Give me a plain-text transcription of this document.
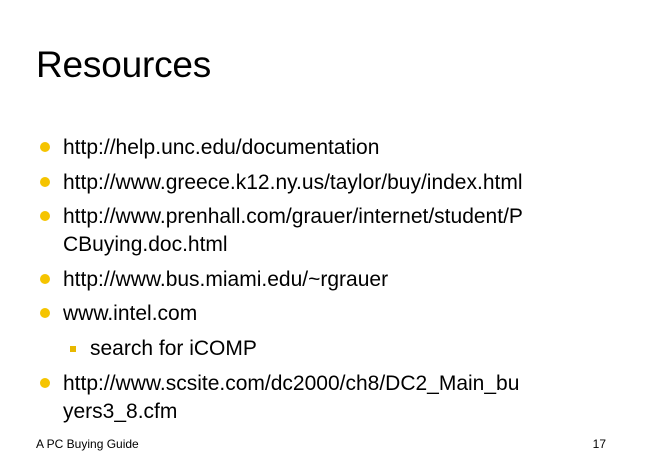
Resources
http://help.unc.edu/documentation
http://www.greece.k12.ny.us/taylor/buy/index.html
http://www.prenhall.com/grauer/internet/student/P
CBuying.doc.html
http://www.bus.miami.edu/~rgrauer
www.intel.com
search for iCOMP
http://www.scsite.com/dc2000/ch8/DC2_Main_bu
yers3_8.cfm
A PC Buying Guide	17
